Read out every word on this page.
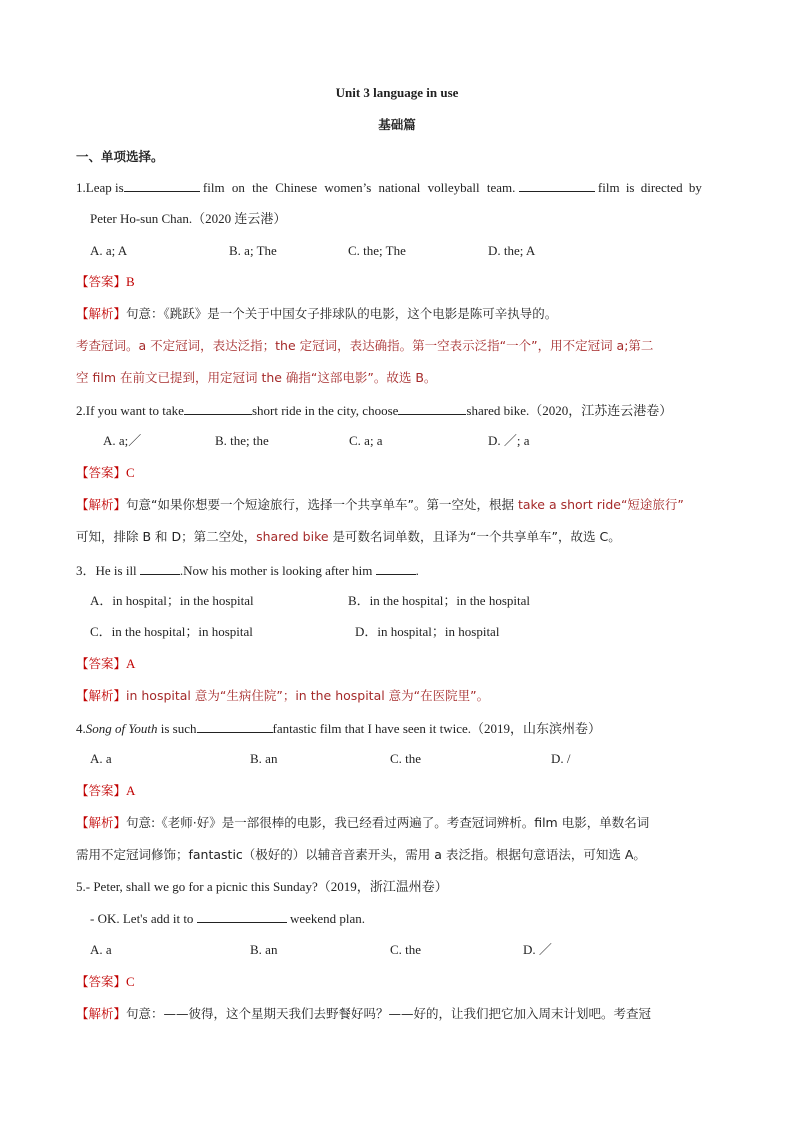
Unit 3 language in use
基础篇
一、单项选择。
1.Leap is	film on the Chinese women’s national volleyball team.	film is directed by
Peter Ho-sun Chan.（2020 连云港）
A. a; A	B. a; The	C. the; The	D. the; A
【答案】B
【解析】句意：《跳跃》是一个关于中国女子排球队的电影，这个电影是陈可辛执导的。
考查冠词。a 不定冠词，表达泛指；the 定冠词，表达确指。第一空表示泛指“一个”，用不定冠词 a;第二
空 film 在前文已提到，用定冠词 the 确指“这部电影”。故选 B。
2.If you want to take	short ride in the city, choose	shared bike.（2020，江苏连云港卷）
A. a;／	B. the; the	C. a; a	D. ／; a
【答案】C
【解析】句意“如果你想要一个短途旅行，选择一个共享单车”。第一空处，根据 take a short ride“短途旅行”
可知，排除 B 和 D；第二空处，shared bike 是可数名词单数，且译为“一个共享单车”，故选 C。
3．He is ill	.Now his mother is looking after him	.
A．in hospital；in the hospital	B．in the hospital；in the hospital
C．in the hospital；in hospital	D．in hospital；in hospital
【答案】A
【解析】in hospital 意为“生病住院”；in the hospital 意为“在医院里”。
4.Song of Youth is such	fantastic film that I have seen it twice.（2019，山东滨州卷）
A. a	B. an	C. the	D. /
【答案】A
【解析】句意:《老师·好》是一部很棒的电影，我已经看过两遍了。考查冠词辨析。film 电影，单数名词
需用不定冠词修饰；fantastic（极好的）以辅音音素开头，需用 a 表泛指。根据句意语法，可知选 A。
5.- Peter, shall we go for a picnic this Sunday?（2019，浙江温州卷）
- OK. Let's add it to	weekend plan.
A. a	B. an	C. the	D. ／
【答案】C
【解析】句意：——彼得，这个星期天我们去野餐好吗？——好的，让我们把它加入周末计划吧。考查冠
